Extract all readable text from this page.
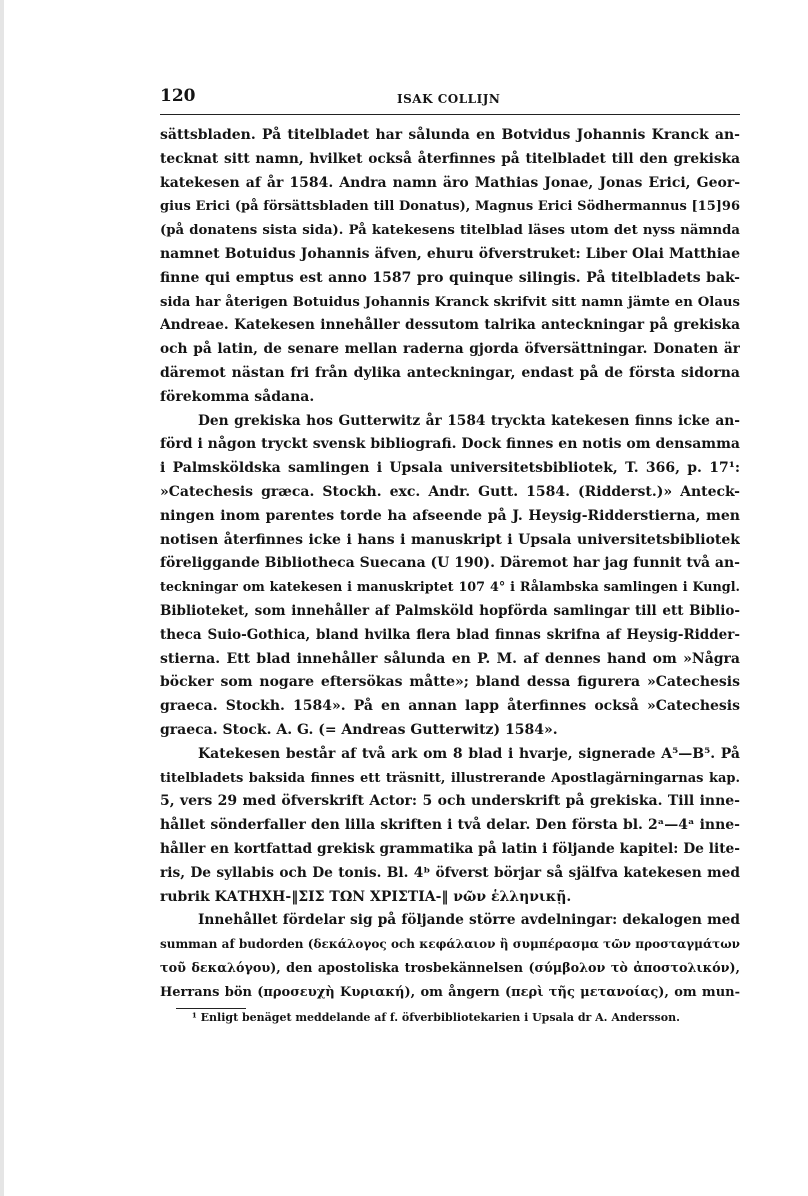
120	ISAK COLLIJN
sättsbladen. På titelbladet har sålunda en Botvidus Johannis Kranck an-
tecknat sitt namn, hvilket också återfinnes på titelbladet till den grekiska
katekesen af år 1584. Andra namn äro Mathias Jonae, Jonas Erici, Geor-
gius Erici (på försättsbladen till Donatus), Magnus Erici Södhermannus [15]96
(på donatens sista sida). På katekesens titelblad läses utom det nyss nämnda
namnet Botuidus Johannis äfven, ehuru öfverstruket: Liber Olai Matthiae
finne qui emptus est anno 1587 pro quinque silingis. På titelbladets bak-
sida har återigen Botuidus Johannis Kranck skrifvit sitt namn jämte en Olaus
Andreae. Katekesen innehåller dessutom talrika anteckningar på grekiska
och på latin, de senare mellan raderna gjorda öfversättningar. Donaten är
däremot nästan fri från dylika anteckningar, endast på de första sidorna
förekomma sådana.
Den grekiska hos Gutterwitz år 1584 tryckta katekesen finns icke an-
förd i någon tryckt svensk bibliografi. Dock finnes en notis om densamma
i Palmsköldska samlingen i Upsala universitetsbibliotek, T. 366, p. 17¹:
»Catechesis græca. Stockh. exc. Andr. Gutt. 1584. (Ridderst.)» Anteck-
ningen inom parentes torde ha afseende på J. Heysig-Ridderstierna, men
notisen återfinnes icke i hans i manuskript i Upsala universitetsbibliotek
föreliggande Bibliotheca Suecana (U 190). Däremot har jag funnit två an-
teckningar om katekesen i manuskriptet 107 4° i Rålambska samlingen i Kungl.
Biblioteket, som innehåller af Palmsköld hopförda samlingar till ett Biblio-
theca Suio-Gothica, bland hvilka flera blad finnas skrifna af Heysig-Ridder-
stierna. Ett blad innehåller sålunda en P. M. af dennes hand om »Några
böcker som nogare eftersökas måtte»; bland dessa figurera »Catechesis
graeca. Stockh. 1584». På en annan lapp återfinnes också »Catechesis
graeca. Stock. A. G. (= Andreas Gutterwitz) 1584».
Katekesen består af två ark om 8 blad i hvarje, signerade A⁵—B⁵. På
titelbladets baksida finnes ett träsnitt, illustrerande Apostlagärningarnas kap.
5, vers 29 med öfverskrift Actor: 5 och underskrift på grekiska. Till inne-
hållet sönderfaller den lilla skriften i två delar. Den första bl. 2ᵃ—4ᵃ inne-
håller en kortfattad grekisk grammatika på latin i följande kapitel: De lite-
ris, De syllabis och De tonis. Bl. 4ᵇ öfverst börjar så själfva katekesen med
rubrik ΚΑΤΗΧΗ-‖ΣΙΣ ΤΩΝ ΧΡΙΣΤΙΑ-‖ νῶν ἑλληνικῇ.
Innehållet fördelar sig på följande större avdelningar: dekalogen med
summan af budorden (δεκάλογος och κεφάλαιον ἢ συμπέρασμα τῶν προσταγμάτων
τοῦ δεκαλόγου), den apostoliska trosbekännelsen (σύμβολον τὸ ἀποστολικόν),
Herrans bön (προσευχὴ Κυριακή), om ångern (περὶ τῆς μετανοίας), om mun-
¹ Enligt benäget meddelande af f. öfverbibliotekarien i Upsala dr A. Andersson.
